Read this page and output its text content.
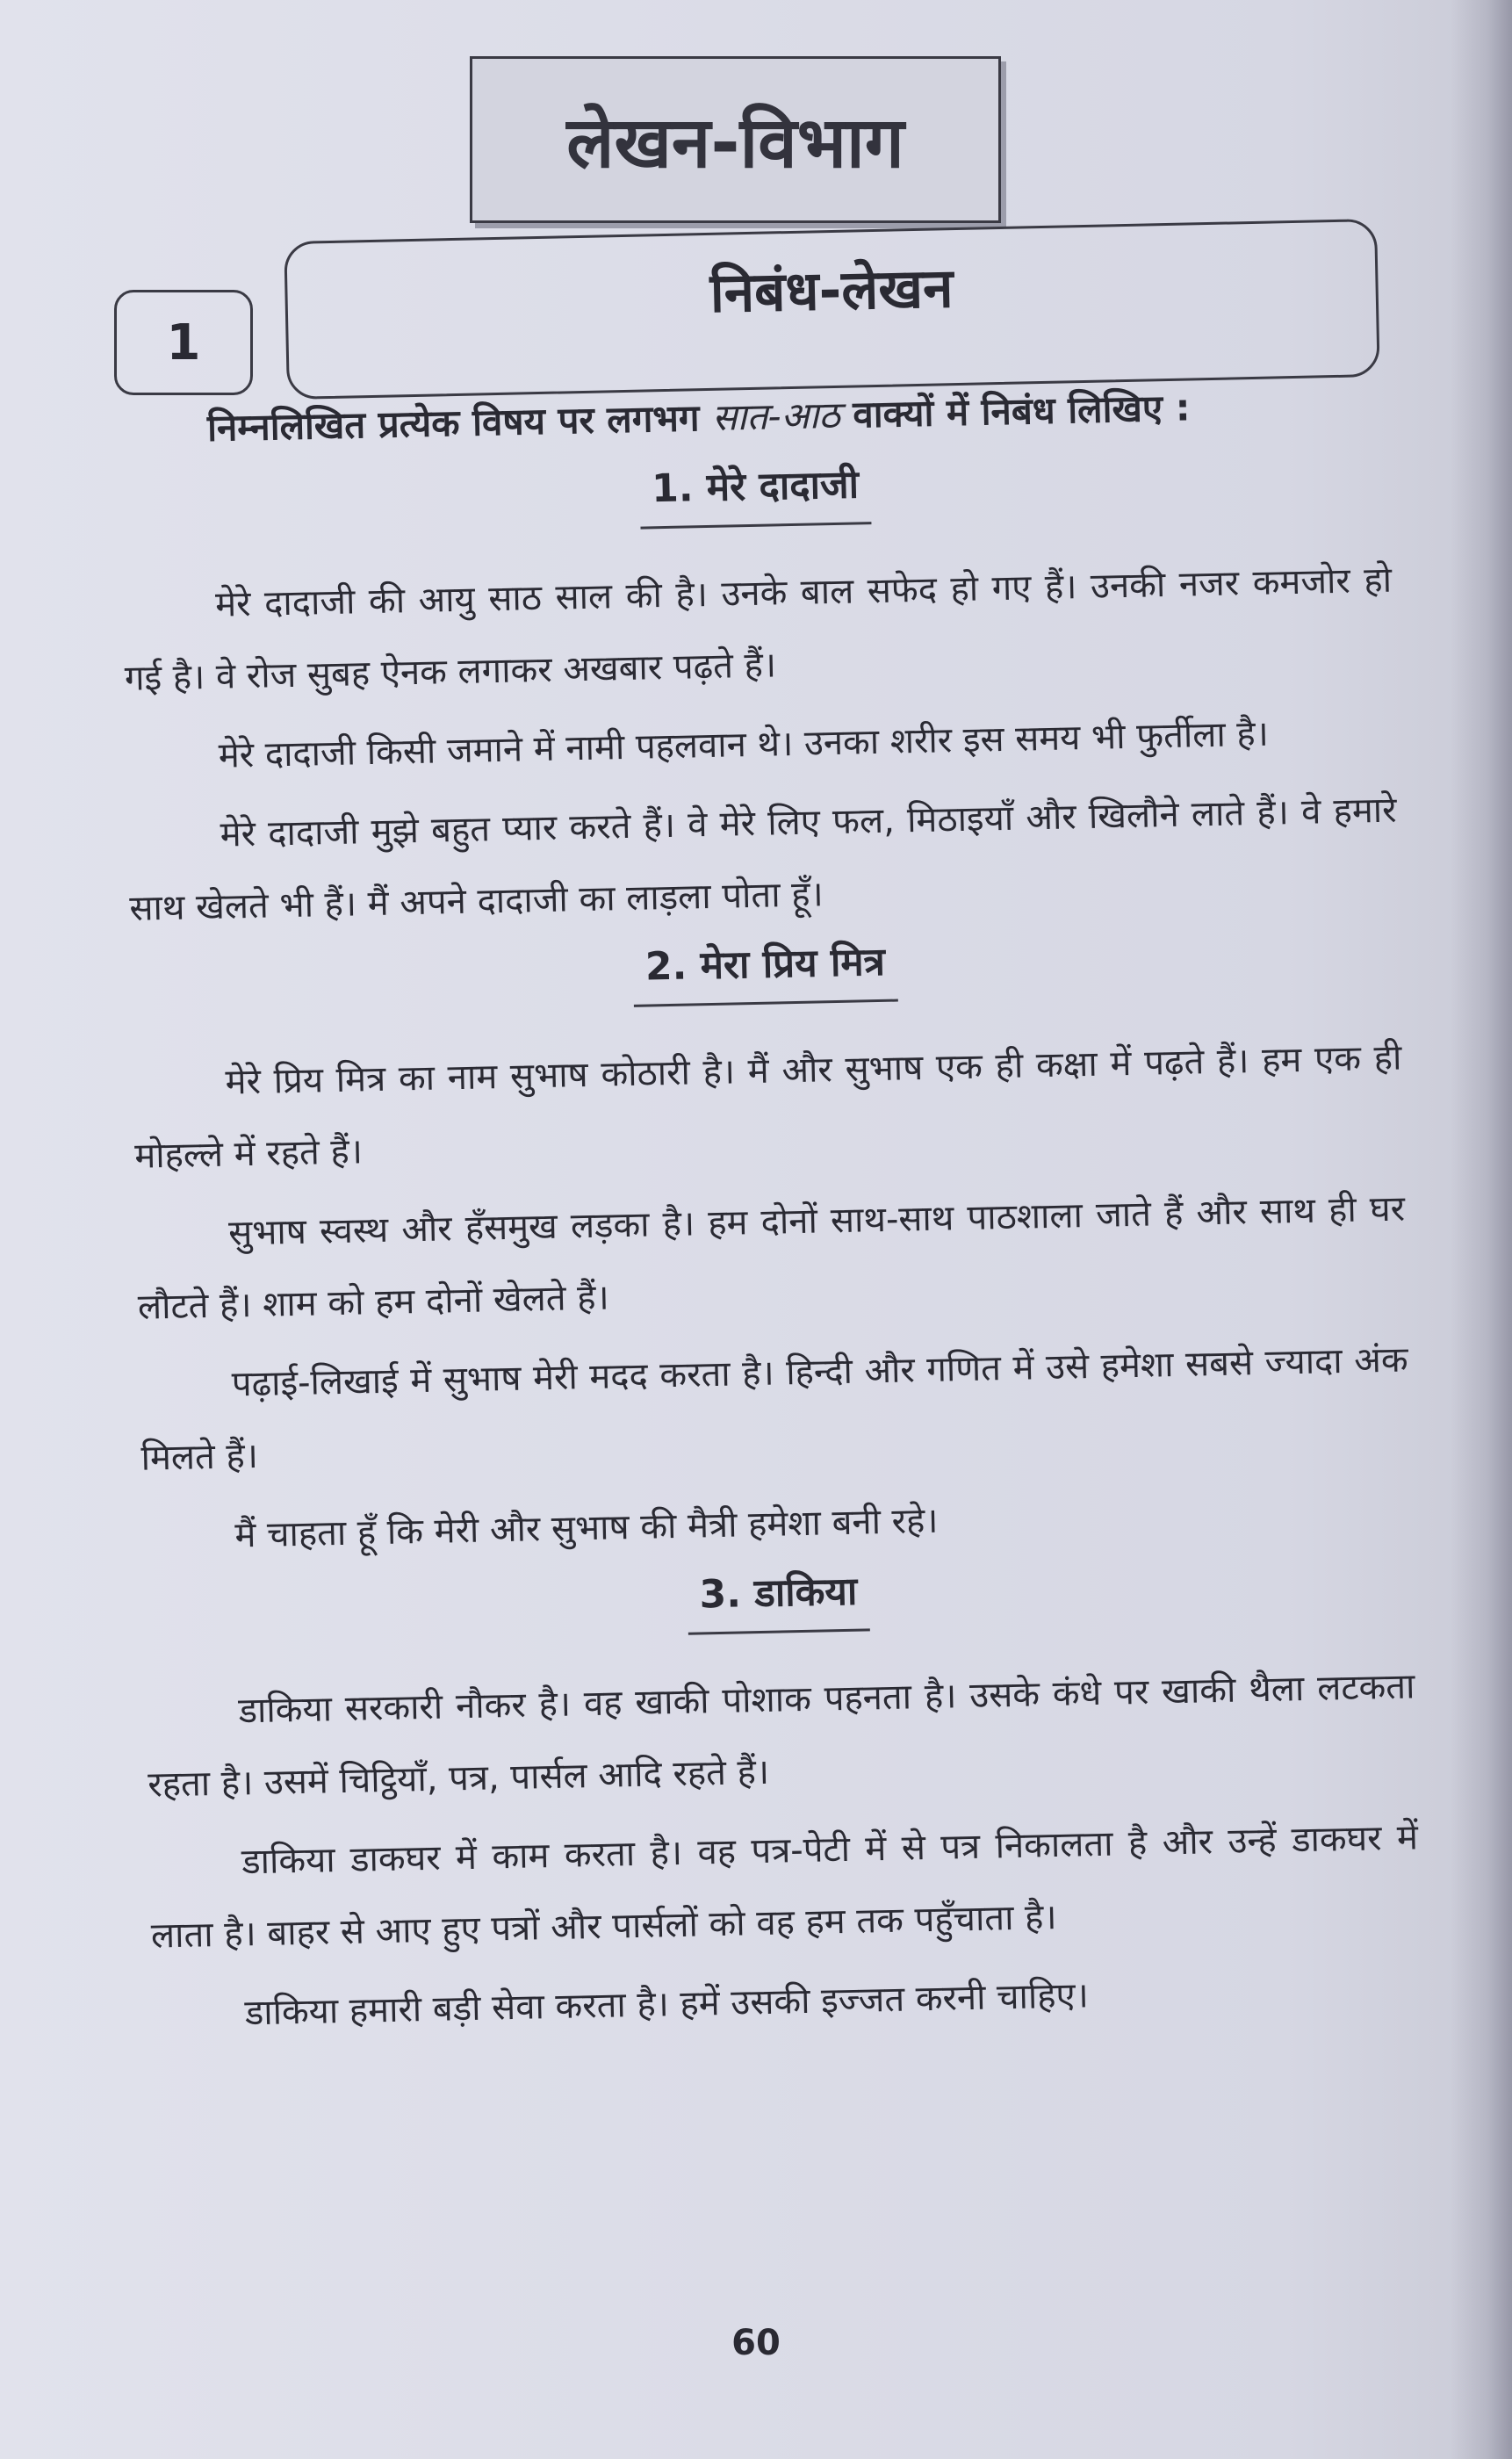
लेखन-विभाग
1
निबंध-लेखन

निम्नलिखित प्रत्येक विषय पर लगभग सात-आठ वाक्यों में निबंध लिखिए :

1. मेरे दादाजी

मेरे दादाजी की आयु साठ साल की है। उनके बाल सफेद हो गए हैं। उनकी नजर कमजोर हो गई है। वे रोज सुबह ऐनक लगाकर अखबार पढ़ते हैं।

मेरे दादाजी किसी जमाने में नामी पहलवान थे। उनका शरीर इस समय भी फुर्तीला है।

मेरे दादाजी मुझे बहुत प्यार करते हैं। वे मेरे लिए फल, मिठाइयाँ और खिलौने लाते हैं। वे हमारे साथ खेलते भी हैं। मैं अपने दादाजी का लाड़ला पोता हूँ।

2. मेरा प्रिय मित्र

मेरे प्रिय मित्र का नाम सुभाष कोठारी है। मैं और सुभाष एक ही कक्षा में पढ़ते हैं। हम एक ही मोहल्ले में रहते हैं।

सुभाष स्वस्थ और हँसमुख लड़का है। हम दोनों साथ-साथ पाठशाला जाते हैं और साथ ही घर लौटते हैं। शाम को हम दोनों खेलते हैं।

पढ़ाई-लिखाई में सुभाष मेरी मदद करता है। हिन्दी और गणित में उसे हमेशा सबसे ज्यादा अंक मिलते हैं।

मैं चाहता हूँ कि मेरी और सुभाष की मैत्री हमेशा बनी रहे।

3. डाकिया

डाकिया सरकारी नौकर है। वह खाकी पोशाक पहनता है। उसके कंधे पर खाकी थैला लटकता रहता है। उसमें चिट्ठियाँ, पत्र, पार्सल आदि रहते हैं।

डाकिया डाकघर में काम करता है। वह पत्र-पेटी में से पत्र निकालता है और उन्हें डाकघर में लाता है। बाहर से आए हुए पत्रों और पार्सलों को वह हम तक पहुँचाता है।

डाकिया हमारी बड़ी सेवा करता है। हमें उसकी इज्जत करनी चाहिए।

60
